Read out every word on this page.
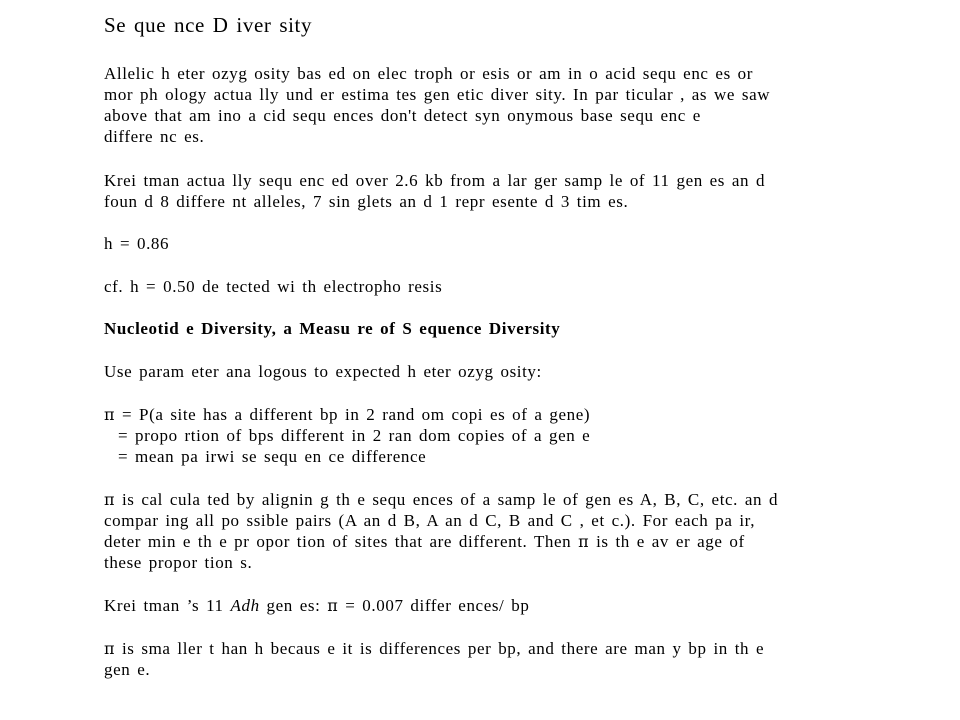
Se que nce D iver sity
Allelic h eter ozyg osity bas ed on elec troph or esis or am in o acid sequ enc es or
mor ph ology actua lly und er estima tes gen etic diver sity. In par ticular , as we saw
above that am ino a cid sequ ences don't detect syn onymous base sequ enc e
differe nc es.
Krei tman actua lly sequ enc ed over 2.6 kb from a lar ger samp le of 11 gen es an d
foun d 8 differe nt alleles, 7 sin glets an d 1 repr esente d 3 tim es.
h = 0.86
cf. h = 0.50 de tected wi th electropho resis
Nucleotid e Diversity, a Measu re of S equence Diversity
Use param eter ana logous to expected h eter ozyg osity:
π = P(a site has a different bp in 2 rand om copi es of a gene)
= propo rtion of bps different in 2 ran dom copies of a gen e
= mean pa irwi se sequ en ce difference
π is cal cula ted by alignin g th e sequ ences of a samp le of gen es A, B, C, etc. an d
compar ing all po ssible pairs (A an d B, A an d C, B and C , et c.). For each pa ir,
deter min e th e pr opor tion of sites that are different. Then π is th e av er age of
these propor tion s.
Krei tman ’s 11 Adh gen es: π = 0.007 differ ences/ bp
π is sma ller t han h becaus e it is differences per bp, and there are man y bp in th e
gen e.
